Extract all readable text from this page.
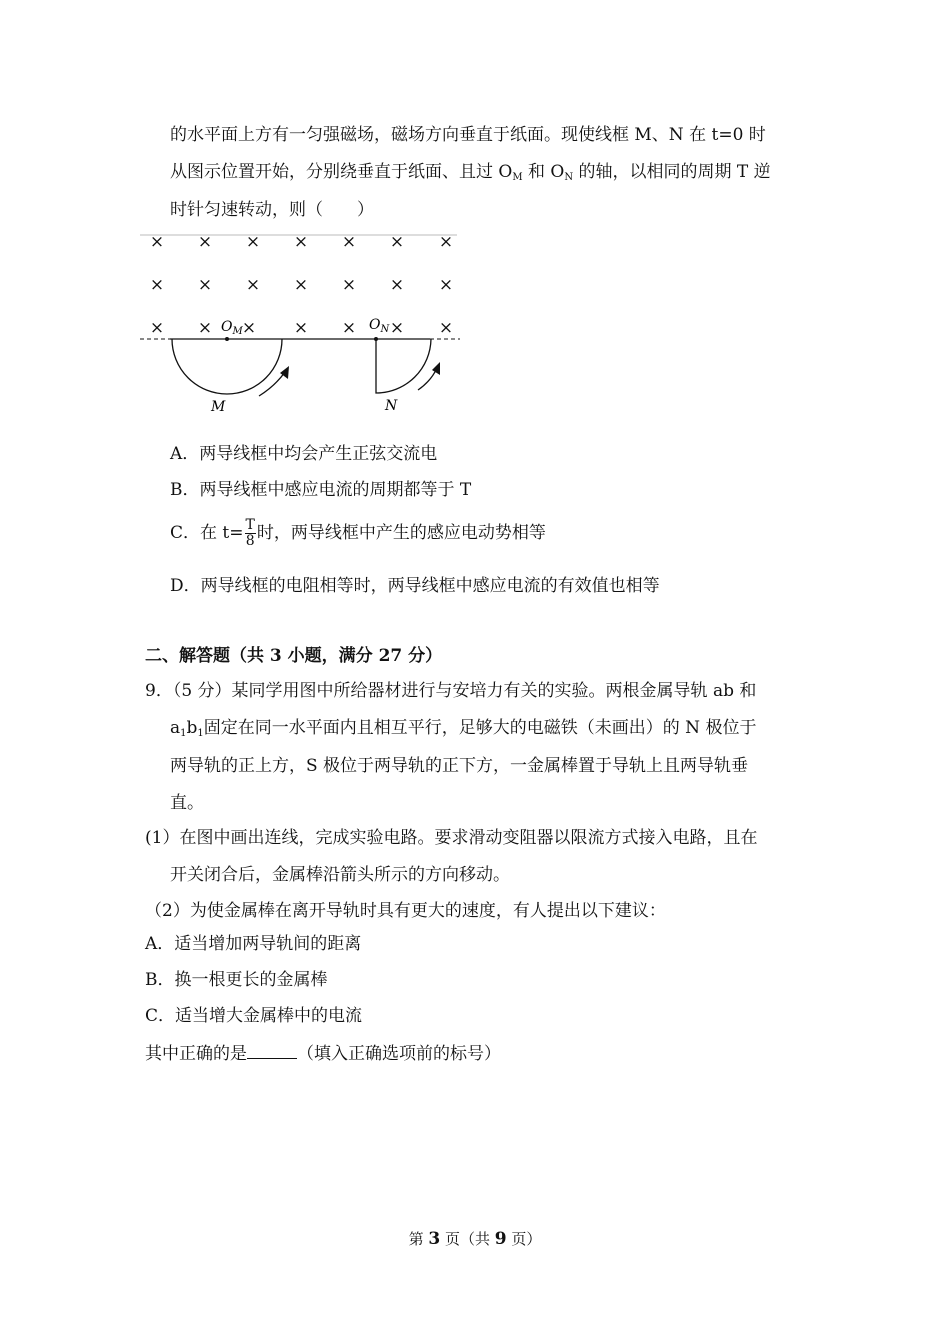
的水平面上方有一匀强磁场，磁场方向垂直于纸面。现使线框 M、N 在 t=0 时
从图示位置开始，分别绕垂直于纸面、且过 $O_M$ 和 $O_N$ 的轴，以相同的周期 T 逆
时针匀速转动，则（　　）
× × × × × × ×
× × × × × × ×
× × × × × × ×
$O_M$	$O_N$
M	N
A．两导线框中均会产生正弦交流电
B．两导线框中感应电流的周期都等于 T
C．在 $t= \frac{T}{8}$ 时，两导线框中产生的感应电动势相等
D．两导线框的电阻相等时，两导线框中感应电流的有效值也相等
二、解答题（共 3 小题，满分 27 分）
9．（5 分）某同学用图中所给器材进行与安培力有关的实验。两根金属导轨 ab 和
$a_1b_1$固定在同一水平面内且相互平行，足够大的电磁铁（未画出）的 N 极位于
两导轨的正上方，S 极位于两导轨的正下方，一金属棒置于导轨上且两导轨垂
直。
(1）在图中画出连线，完成实验电路。要求滑动变阻器以限流方式接入电路，且在
开关闭合后，金属棒沿箭头所示的方向移动。
（2）为使金属棒在离开导轨时具有更大的速度，有人提出以下建议：
A．适当增加两导轨间的距离
B．换一根更长的金属棒
C．适当增大金属棒中的电流
其中正确的是	（填入正确选项前的标号）
第 3 页（共 9 页）
